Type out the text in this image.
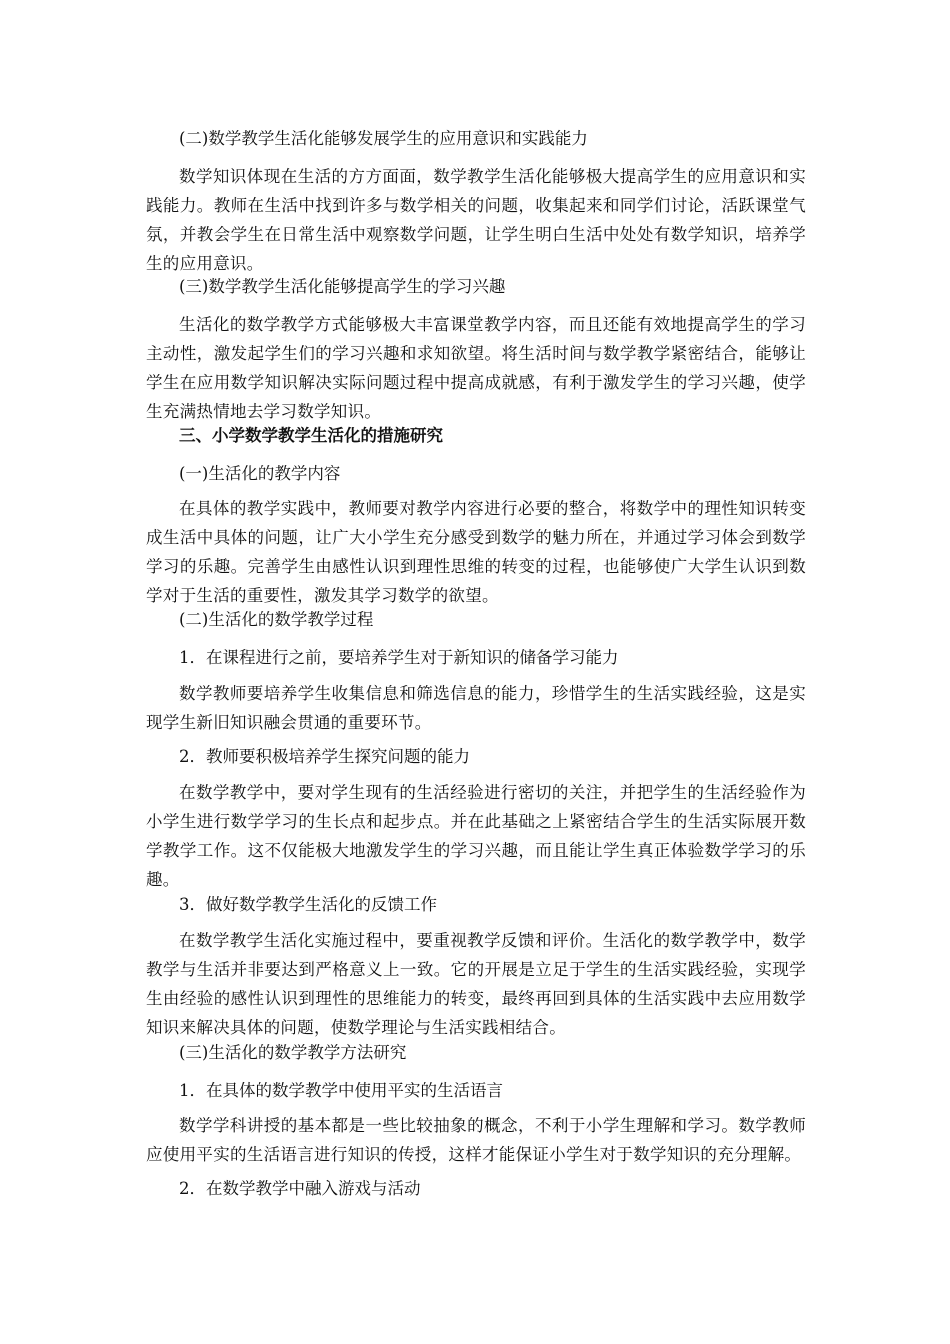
(二)数学教学生活化能够发展学生的应用意识和实践能力

数学知识体现在生活的方方面面，数学教学生活化能够极大提高学生的应用意识和实践能力。教师在生活中找到许多与数学相关的问题，收集起来和同学们讨论，活跃课堂气氛，并教会学生在日常生活中观察数学问题，让学生明白生活中处处有数学知识，培养学生的应用意识。

(三)数学教学生活化能够提高学生的学习兴趣

生活化的数学教学方式能够极大丰富课堂教学内容，而且还能有效地提高学生的学习主动性，激发起学生们的学习兴趣和求知欲望。将生活时间与数学教学紧密结合，能够让学生在应用数学知识解决实际问题过程中提高成就感，有利于激发学生的学习兴趣，使学生充满热情地去学习数学知识。

三、小学数学教学生活化的措施研究

(一)生活化的教学内容

在具体的教学实践中，教师要对教学内容进行必要的整合，将数学中的理性知识转变成生活中具体的问题，让广大小学生充分感受到数学的魅力所在，并通过学习体会到数学学习的乐趣。完善学生由感性认识到理性思维的转变的过程，也能够使广大学生认识到数学对于生活的重要性，激发其学习数学的欲望。

(二)生活化的数学教学过程

1．在课程进行之前，要培养学生对于新知识的储备学习能力

数学教师要培养学生收集信息和筛选信息的能力，珍惜学生的生活实践经验，这是实现学生新旧知识融会贯通的重要环节。

2．教师要积极培养学生探究问题的能力

在数学教学中，要对学生现有的生活经验进行密切的关注，并把学生的生活经验作为小学生进行数学学习的生长点和起步点。并在此基础之上紧密结合学生的生活实际展开数学教学工作。这不仅能极大地激发学生的学习兴趣，而且能让学生真正体验数学学习的乐趣。

3．做好数学教学生活化的反馈工作

在数学教学生活化实施过程中，要重视教学反馈和评价。生活化的数学教学中，数学教学与生活并非要达到严格意义上一致。它的开展是立足于学生的生活实践经验，实现学生由经验的感性认识到理性的思维能力的转变，最终再回到具体的生活实践中去应用数学知识来解决具体的问题，使数学理论与生活实践相结合。

(三)生活化的数学教学方法研究

1．在具体的数学教学中使用平实的生活语言

数学学科讲授的基本都是一些比较抽象的概念，不利于小学生理解和学习。数学教师应使用平实的生活语言进行知识的传授，这样才能保证小学生对于数学知识的充分理解。

2．在数学教学中融入游戏与活动
